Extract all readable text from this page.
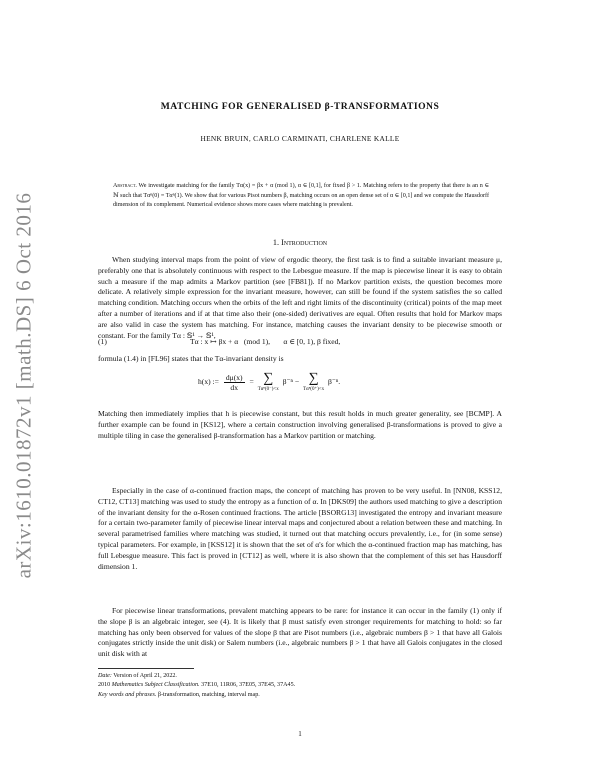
arXiv:1610.01872v1 [math.DS] 6 Oct 2016
MATCHING FOR GENERALISED β-TRANSFORMATIONS
HENK BRUIN, CARLO CARMINATI, CHARLENE KALLE
Abstract. We investigate matching for the family Tα(x) = βx + α (mod 1), α ∈ [0,1], for fixed β > 1. Matching refers to the property that there is an n ∈ ℕ such that Tαⁿ(0) = Tαⁿ(1). We show that for various Pisot numbers β, matching occurs on an open dense set of α ∈ [0,1] and we compute the Hausdorff dimension of its complement. Numerical evidence shows more cases where matching is prevalent.
1. Introduction
When studying interval maps from the point of view of ergodic theory, the first task is to find a suitable invariant measure μ, preferably one that is absolutely continuous with respect to the Lebesgue measure. If the map is piecewise linear it is easy to obtain such a measure if the map admits a Markov partition (see [FB81]). If no Markov partition exists, the question becomes more delicate. A relatively simple expression for the invariant measure, however, can still be found if the system satisfies the so called matching condition. Matching occurs when the orbits of the left and right limits of the discontinuity (critical) points of the map meet after a number of iterations and if at that time also their (one-sided) derivatives are equal. Often results that hold for Markov maps are also valid in case the system has matching. For instance, matching causes the invariant density to be piecewise smooth or constant. For the family Tα : 𝕊¹ → 𝕊¹,
(1)	Tα : x ↦ βx + α (mod 1), α ∈ [0, 1), β fixed,
formula (1.4) in [FL96] states that the Tα-invariant density is
h(x) := $\frac{d\mu(x)}{dx}$ = ∑
Tαⁿ(0⁻)<x
β⁻ⁿ − ∑
Tαⁿ(0⁺)<x
β⁻ⁿ.
Matching then immediately implies that h is piecewise constant, but this result holds in much greater generality, see [BCMP]. A further example can be found in [KS12], where a certain construction involving generalised β-transformations is proved to give a multiple tiling in case the generalised β-transformation has a Markov partition or matching.
Especially in the case of α-continued fraction maps, the concept of matching has proven to be very useful. In [NN08, KSS12, CT12, CT13] matching was used to study the entropy as a function of α. In [DKS09] the authors used matching to give a description of the invariant density for the α-Rosen continued fractions. The article [BSORG13] investigated the entropy and invariant measure for a certain two-parameter family of piecewise linear interval maps and conjectured about a relation between these and matching. In several parametrised families where matching was studied, it turned out that matching occurs prevalently, i.e., for (in some sense) typical parameters. For example, in [KSS12] it is shown that the set of α's for which the α-continued fraction map has matching, has full Lebesgue measure. This fact is proved in [CT12] as well, where it is also shown that the complement of this set has Hausdorff dimension 1.
For piecewise linear transformations, prevalent matching appears to be rare: for instance it can occur in the family (1) only if the slope β is an algebraic integer, see (4). It is likely that β must satisfy even stronger requirements for matching to hold: so far matching has only been observed for values of the slope β that are Pisot numbers (i.e., algebraic numbers β > 1 that have all Galois conjugates strictly inside the unit disk) or Salem numbers (i.e., algebraic numbers β > 1 that have all Galois conjugates in the closed unit disk with at
Date: Version of April 21, 2022.
2010 Mathematics Subject Classification. 37E10, 11R06, 37E05, 37E45, 37A45.
Key words and phrases. β-transformation, matching, interval map.
1
